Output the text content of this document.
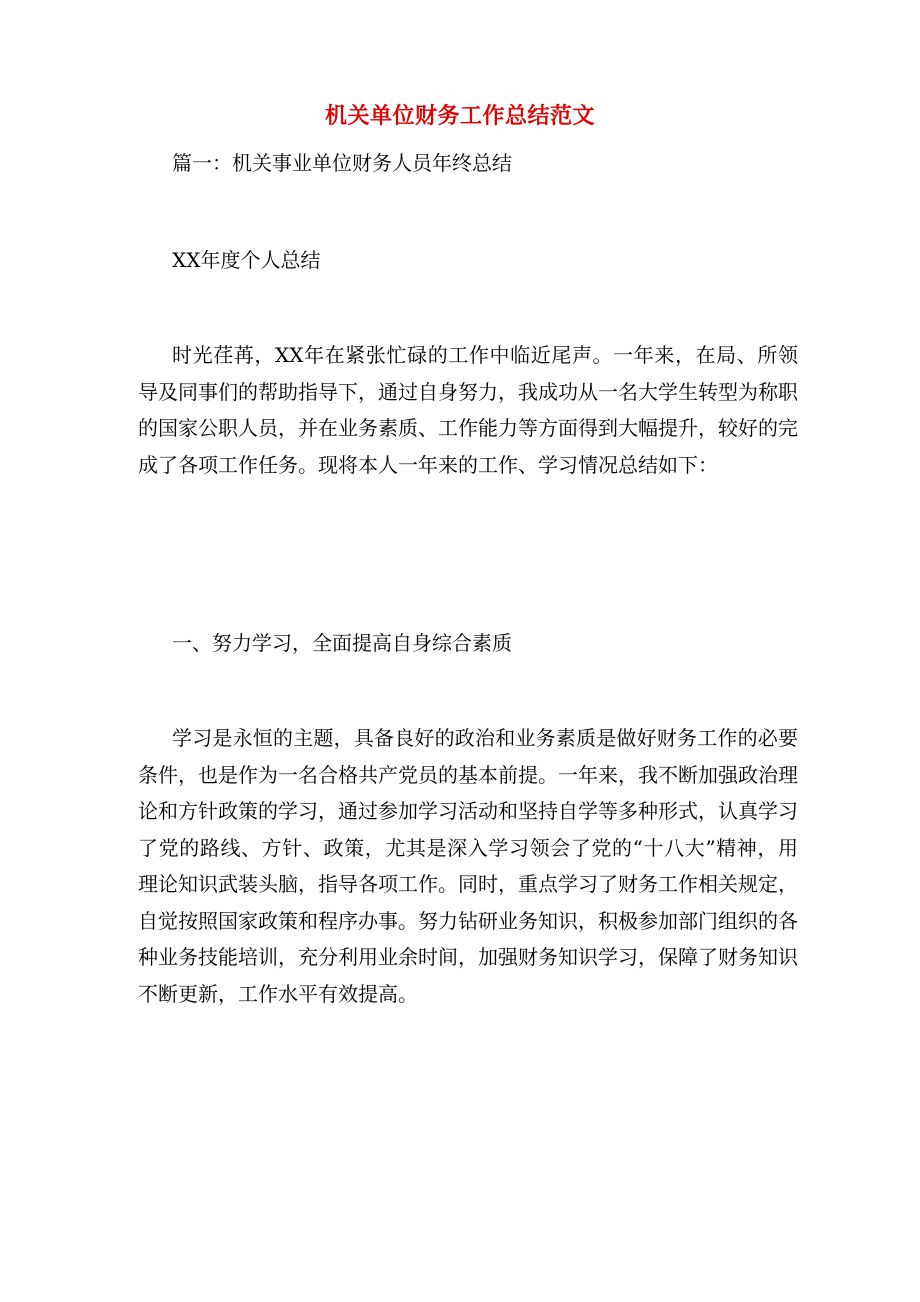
机关单位财务工作总结范文
篇一：机关事业单位财务人员年终总结
XX年度个人总结

时光荏苒，XX年在紧张忙碌的工作中临近尾声。一年来，在局、所领导及同事们的帮助指导下，通过自身努力，我成功从一名大学生转型为称职的国家公职人员，并在业务素质、工作能力等方面得到大幅提升，较好的完成了各项工作任务。现将本人一年来的工作、学习情况总结如下：

一、努力学习，全面提高自身综合素质

学习是永恒的主题，具备良好的政治和业务素质是做好财务工作的必要条件，也是作为一名合格共产党员的基本前提。一年来，我不断加强政治理论和方针政策的学习，通过参加学习活动和坚持自学等多种形式，认真学习了党的路线、方针、政策，尤其是深入学习领会了党的“十八大”精神，用理论知识武装头脑，指导各项工作。同时，重点学习了财务工作相关规定，自觉按照国家政策和程序办事。努力钻研业务知识，积极参加部门组织的各种业务技能培训，充分利用业余时间，加强财务知识学习，保障了财务知识不断更新，工作水平有效提高。
